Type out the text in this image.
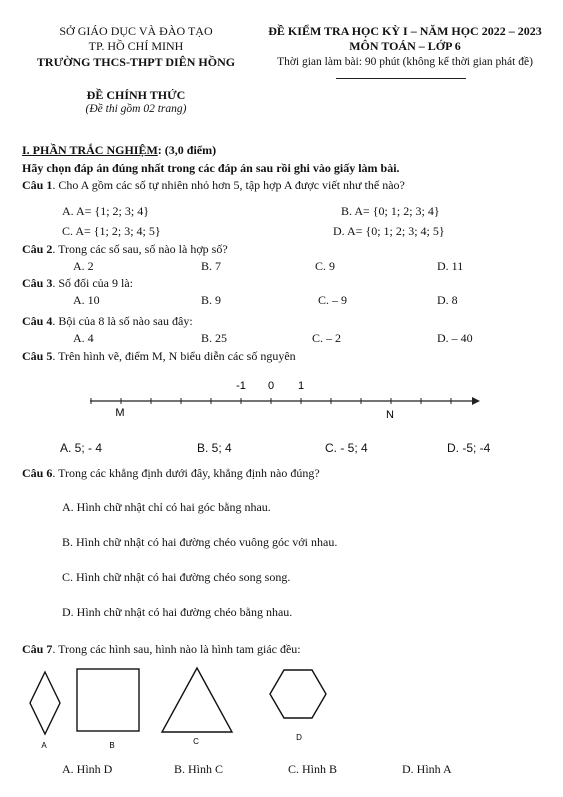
SỞ GIÁO DỤC VÀ ĐÀO TẠO
TP. HỒ CHÍ MINH
TRƯỜNG THCS-THPT DIÊN HỒNG
ĐỀ KIỂM TRA HỌC KỲ I – NĂM HỌC 2022 – 2023
MÔN TOÁN – LỚP 6
Thời gian làm bài: 90 phút (không kể thời gian phát đề)
ĐỀ CHÍNH THỨC
(Đề thi gồm 02 trang)
I. PHẦN TRẮC NGHIỆM: (3,0 điểm)
Hãy chọn đáp án đúng nhất trong các đáp án sau rồi ghi vào giấy làm bài.
Câu 1. Cho A gồm các số tự nhiên nhỏ hơn 5, tập hợp A được viết như thế nào?
A. A= {1; 2; 3; 4}	B. A= {0; 1; 2; 3; 4}
C. A= {1; 2; 3; 4; 5}	D. A= {0; 1; 2; 3; 4; 5}
Câu 2. Trong các số sau, số nào là hợp số?
A. 2	B. 7	C. 9	D. 11
Câu 3. Số đối của 9 là:
A. 10	B. 9	C. – 9	D. 8
Câu 4. Bội của 8 là số nào sau đây:
A. 4	B. 25	C. – 2	D. – 40
Câu 5. Trên hình vẽ, điểm M, N biểu diễn các số nguyên
-1 0 1
M	N
A. 5; - 4	B. 5; 4	C. - 5; 4	D. -5; -4
Câu 6. Trong các khẳng định dưới đây, khẳng định nào đúng?
A. Hình chữ nhật chỉ có hai góc bằng nhau.
B. Hình chữ nhật có hai đường chéo vuông góc với nhau.
C. Hình chữ nhật có hai đường chéo song song.
D. Hình chữ nhật có hai đường chéo bằng nhau.
Câu 7. Trong các hình sau, hình nào là hình tam giác đều:
A	B	C	D
A. Hình D	B. Hình C	C. Hình B	D. Hình A
